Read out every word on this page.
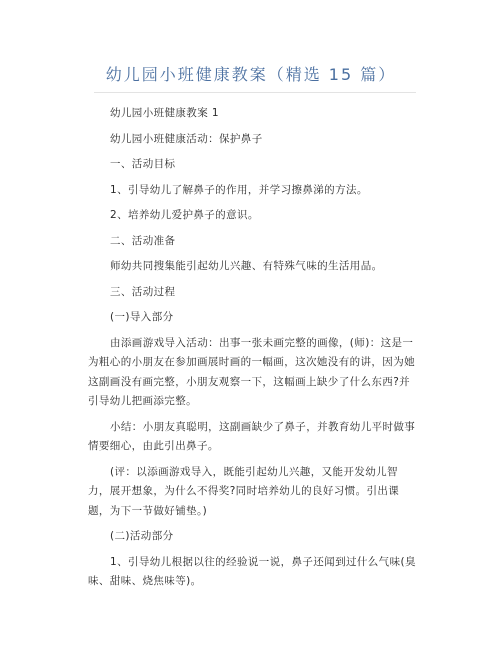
幼儿园小班健康教案（精选 15 篇）

幼儿园小班健康教案 1

幼儿园小班健康活动：保护鼻子

一、活动目标

1、引导幼儿了解鼻子的作用，并学习擦鼻涕的方法。

2、培养幼儿爱护鼻子的意识。

二、活动准备

师幼共同搜集能引起幼儿兴趣、有特殊气味的生活用品。

三、活动过程

(一)导入部分

由添画游戏导入活动：出事一张未画完整的画像，(师)：这是一为粗心的小朋友在参加画展时画的一幅画，这次她没有的讲，因为她这副画没有画完整，小朋友观察一下，这幅画上缺少了什么东西?并引导幼儿把画添完整。

小结：小朋友真聪明，这副画缺少了鼻子，并教育幼儿平时做事情要细心，由此引出鼻子。

(评：以添画游戏导入，既能引起幼儿兴趣，又能开发幼儿智力，展开想象，为什么不得奖?同时培养幼儿的良好习惯。引出课题，为下一节做好铺垫。)

(二)活动部分

1、引导幼儿根据以往的经验说一说，鼻子还闻到过什么气味(臭味、甜味、烧焦味等)。
